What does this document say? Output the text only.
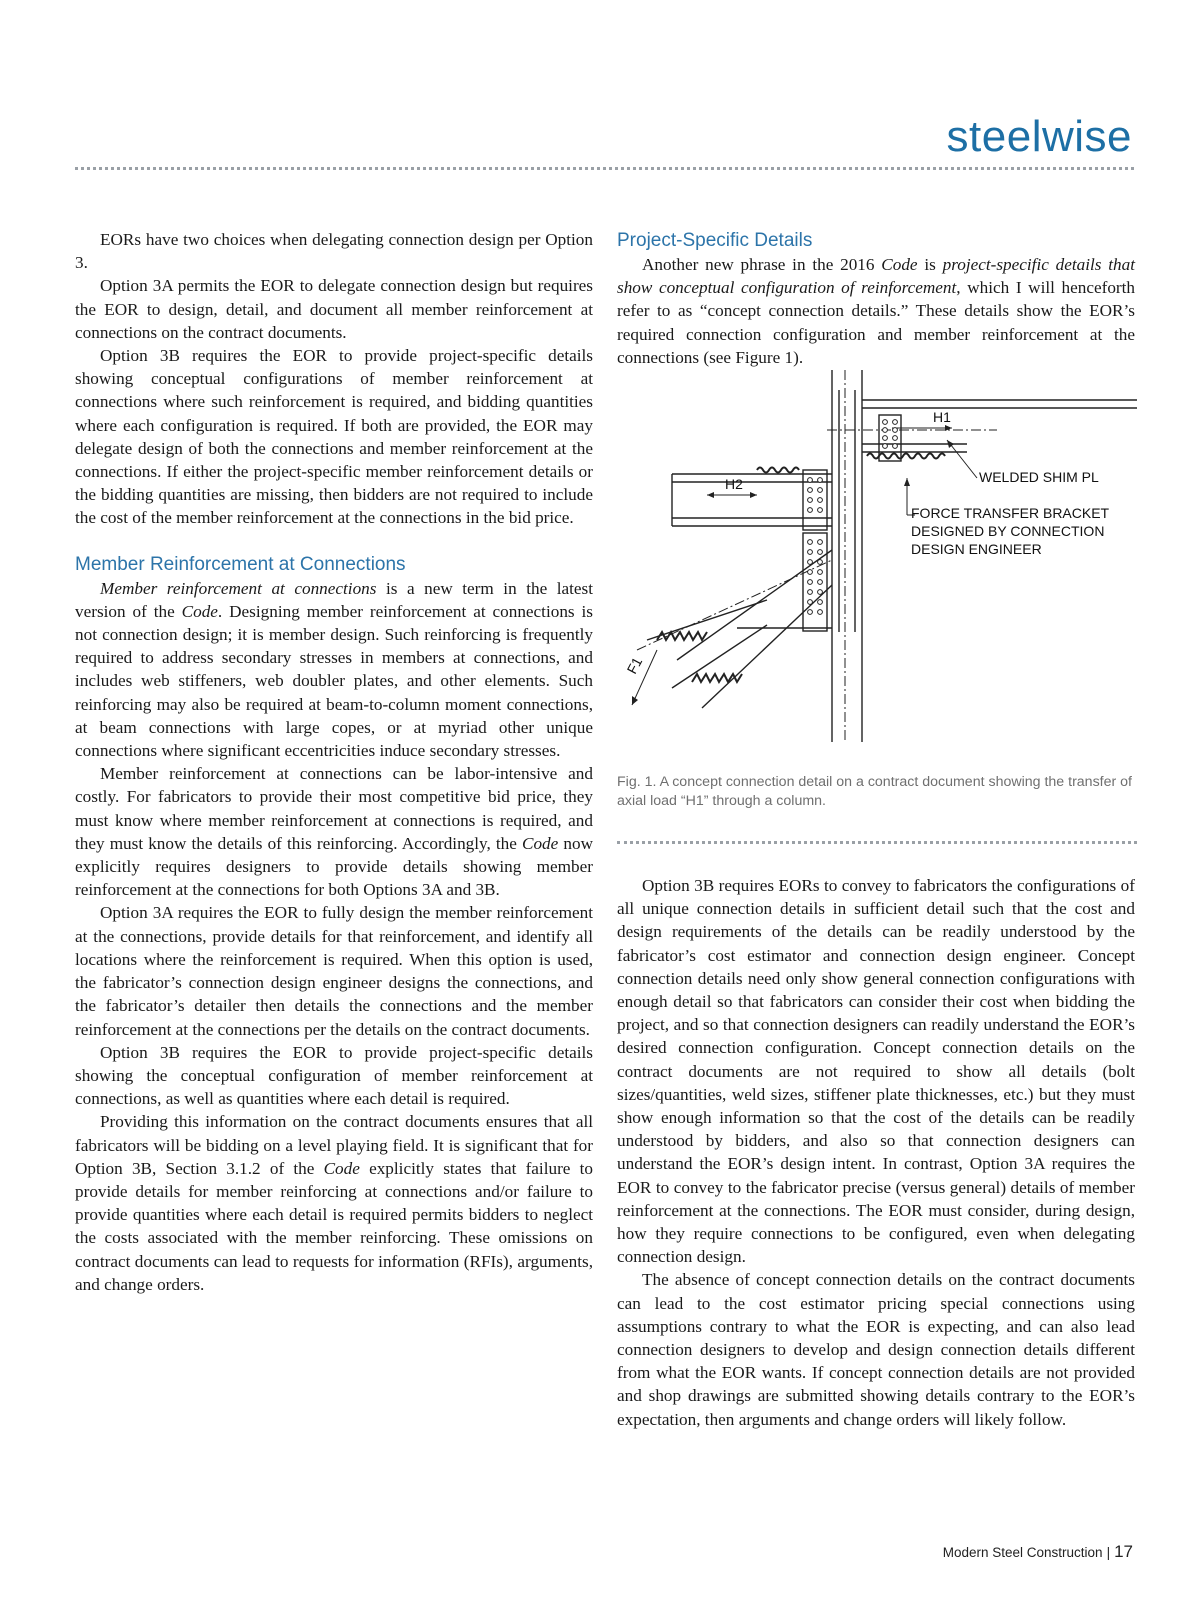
steelwise

EORs have two choices when delegating connection design per Option 3.

Option 3A permits the EOR to delegate connection design but requires the EOR to design, detail, and document all member reinforcement at connections on the contract documents.

Option 3B requires the EOR to provide project-specific details showing conceptual configurations of member reinforcement at connections where such reinforcement is required, and bidding quantities where each configuration is required. If both are provided, the EOR may delegate design of both the connections and member reinforcement at the connections. If either the project-specific member reinforcement details or the bidding quantities are missing, then bidders are not required to include the cost of the member reinforcement at the connections in the bid price.

Member Reinforcement at Connections

Member reinforcement at connections is a new term in the latest version of the Code. Designing member reinforcement at connections is not connection design; it is member design. Such reinforcing is frequently required to address secondary stresses in members at connections, and includes web stiffeners, web doubler plates, and other elements. Such reinforcing may also be required at beam-to-column moment connections, at beam connections with large copes, or at myriad other unique connections where significant eccentricities induce secondary stresses.

Member reinforcement at connections can be labor-intensive and costly. For fabricators to provide their most competitive bid price, they must know where member reinforcement at connections is required, and they must know the details of this reinforcing. Accordingly, the Code now explicitly requires designers to provide details showing member reinforcement at the connections for both Options 3A and 3B.

Option 3A requires the EOR to fully design the member reinforcement at the connections, provide details for that reinforcement, and identify all locations where the reinforcement is required. When this option is used, the fabricator’s connection design engineer designs the connections, and the fabricator’s detailer then details the connections and the member reinforcement at the connections per the details on the contract documents.

Option 3B requires the EOR to provide project-specific details showing the conceptual configuration of member reinforcement at connections, as well as quantities where each detail is required.

Providing this information on the contract documents ensures that all fabricators will be bidding on a level playing field. It is significant that for Option 3B, Section 3.1.2 of the Code explicitly states that failure to provide details for member reinforcing at connections and/or failure to provide quantities where each detail is required permits bidders to neglect the costs associated with the member reinforcing. These omissions on contract documents can lead to requests for information (RFIs), arguments, and change orders.

Project-Specific Details

Another new phrase in the 2016 Code is project-specific details that show conceptual configuration of reinforcement, which I will henceforth refer to as “concept connection details.” These details show the EOR’s required connection configuration and member reinforcement at the connections (see Figure 1).

H1
H2
F1
WELDED SHIM PL
FORCE TRANSFER BRACKET
DESIGNED BY CONNECTION
DESIGN ENGINEER
Fig. 1. A concept connection detail on a contract document showing the transfer of axial load “H1” through a column.

Option 3B requires EORs to convey to fabricators the configurations of all unique connection details in sufficient detail such that the cost and design requirements of the details can be readily understood by the fabricator’s cost estimator and connection design engineer. Concept connection details need only show general connection configurations with enough detail so that fabricators can consider their cost when bidding the project, and so that connection designers can readily understand the EOR’s desired connection configuration. Concept connection details on the contract documents are not required to show all details (bolt sizes/quantities, weld sizes, stiffener plate thicknesses, etc.) but they must show enough information so that the cost of the details can be readily understood by bidders, and also so that connection designers can understand the EOR’s design intent. In contrast, Option 3A requires the EOR to convey to the fabricator precise (versus general) details of member reinforcement at the connections. The EOR must consider, during design, how they require connections to be configured, even when delegating connection design.

The absence of concept connection details on the contract documents can lead to the cost estimator pricing special connections using assumptions contrary to what the EOR is expecting, and can also lead connection designers to develop and design connection details different from what the EOR wants. If concept connection details are not provided and shop drawings are submitted showing details contrary to the EOR’s expectation, then arguments and change orders will likely follow.

Modern Steel Construction | 17
